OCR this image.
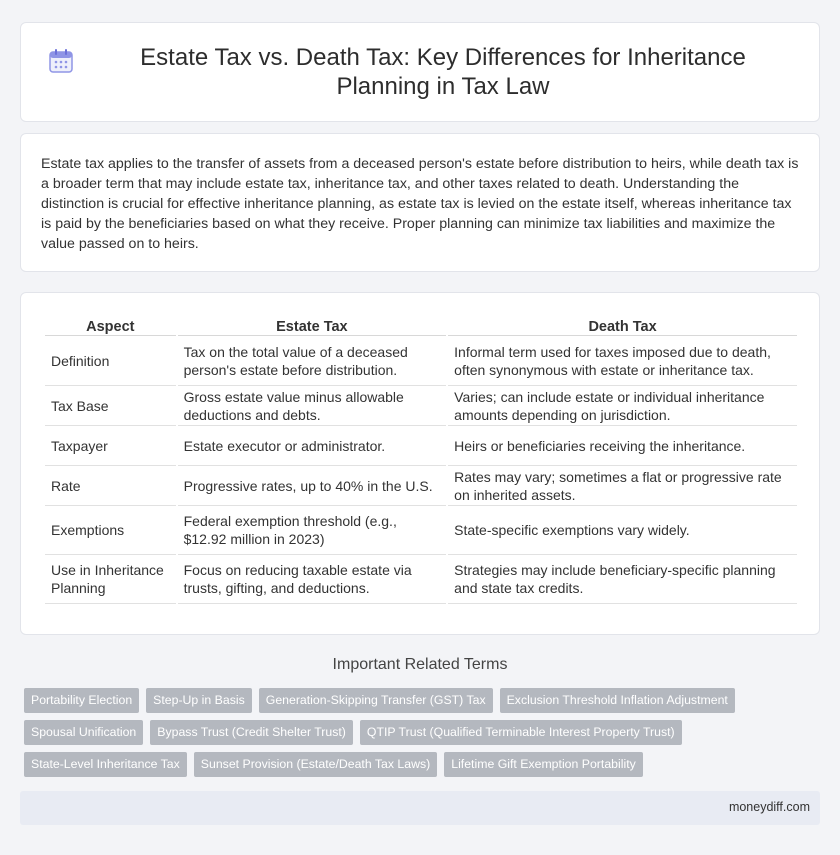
Estate Tax vs. Death Tax: Key Differences for Inheritance Planning in Tax Law

Estate tax applies to the transfer of assets from a deceased person's estate before distribution to heirs, while death tax is a broader term that may include estate tax, inheritance tax, and other taxes related to death. Understanding the distinction is crucial for effective inheritance planning, as estate tax is levied on the estate itself, whereas inheritance tax is paid by the beneficiaries based on what they receive. Proper planning can minimize tax liabilities and maximize the value passed on to heirs.

Aspect	Estate Tax	Death Tax
Definition	Tax on the total value of a deceased person's estate before distribution.	Informal term used for taxes imposed due to death, often synonymous with estate or inheritance tax.
Tax Base	Gross estate value minus allowable deductions and debts.	Varies; can include estate or individual inheritance amounts depending on jurisdiction.
Taxpayer	Estate executor or administrator.	Heirs or beneficiaries receiving the inheritance.
Rate	Progressive rates, up to 40% in the U.S.	Rates may vary; sometimes a flat or progressive rate on inherited assets.
Exemptions	Federal exemption threshold (e.g., $12.92 million in 2023)	State-specific exemptions vary widely.
Use in Inheritance Planning	Focus on reducing taxable estate via trusts, gifting, and deductions.	Strategies may include beneficiary-specific planning and state tax credits.
Important Related Terms
Portability Election	Step-Up in Basis	Generation-Skipping Transfer (GST) Tax	Exclusion Threshold Inflation Adjustment
Spousal Unification	Bypass Trust (Credit Shelter Trust)	QTIP Trust (Qualified Terminable Interest Property Trust)
State-Level Inheritance Tax	Sunset Provision (Estate/Death Tax Laws)	Lifetime Gift Exemption Portability
moneydiff.com
